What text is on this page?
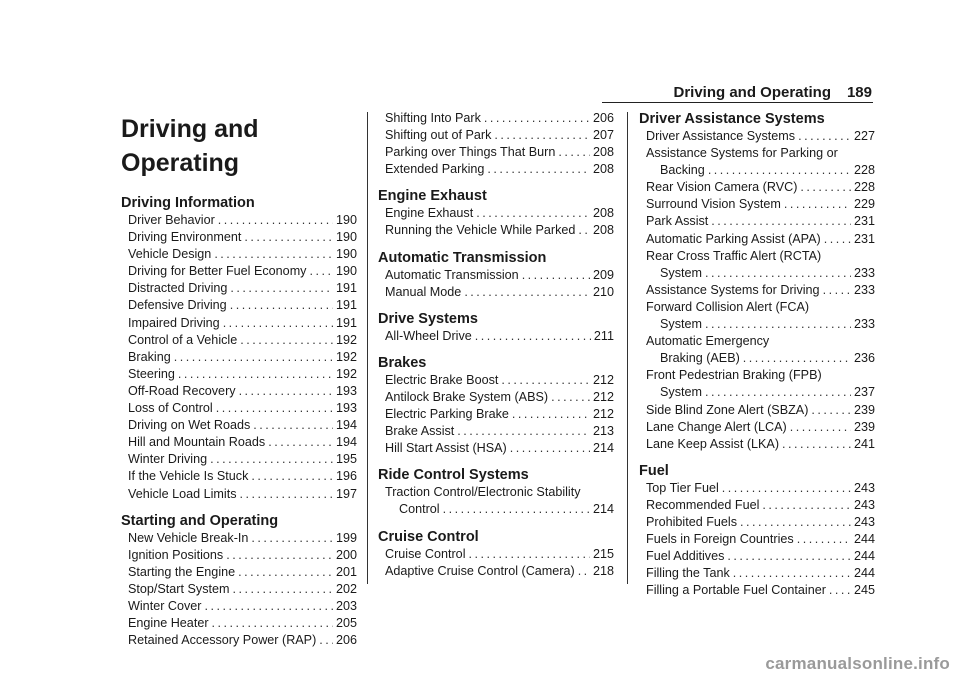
Driving and Operating 189
Driving and Operating
Driving Information
Driver Behavior . . .	190
Driving Environment . . .	190
Vehicle Design . . .	190
Driving for Better Fuel Economy . . . 190
Distracted Driving . . .	191
Defensive Driving . . .	191
Impaired Driving . . .	191
Control of a Vehicle . . .	192
Braking . . .	192
Steering . . .	192
Off-Road Recovery . . .	193
Loss of Control . . .	193
Driving on Wet Roads . . .	194
Hill and Mountain Roads . . .	194
Winter Driving . . .	195
If the Vehicle Is Stuck . . .	196
Vehicle Load Limits . . .	197
Starting and Operating
New Vehicle Break-In . . .	199
Ignition Positions . . .	200
Starting the Engine . . .	201
Stop/Start System . . .	202
Winter Cover . . .	203
Engine Heater . . .	205
Retained Accessory Power (RAP) . . . 206
Shifting Into Park . . .	206
Shifting out of Park . . .	207
Parking over Things That Burn . . .	208
Extended Parking . . .	208
Engine Exhaust
Engine Exhaust . . .	208
Running the Vehicle While Parked . . . 208
Automatic Transmission
Automatic Transmission . . .	209
Manual Mode . . .	210
Drive Systems
All-Wheel Drive . . .	211
Brakes
Electric Brake Boost . . .	212
Antilock Brake System (ABS) . . .	212
Electric Parking Brake . . .	212
Brake Assist . . .	213
Hill Start Assist (HSA) . . .	214
Ride Control Systems
Traction Control/Electronic Stability
Control . . .	214
Cruise Control
Cruise Control . . .	215
Adaptive Cruise Control (Camera) . . . 218
Driver Assistance Systems
Driver Assistance Systems . . .	227
Assistance Systems for Parking or
Backing . . .	228
Rear Vision Camera (RVC) . . .	228
Surround Vision System . . .	229
Park Assist . . .	231
Automatic Parking Assist (APA) . . .	231
Rear Cross Traffic Alert (RCTA)
System . . .	233
Assistance Systems for Driving . . .	233
Forward Collision Alert (FCA)
System . . .	233
Automatic Emergency
Braking (AEB) . . .	236
Front Pedestrian Braking (FPB)
System . . .	237
Side Blind Zone Alert (SBZA) . . .	239
Lane Change Alert (LCA) . . .	239
Lane Keep Assist (LKA) . . .	241
Fuel
Top Tier Fuel . . .	243
Recommended Fuel . . .	243
Prohibited Fuels . . .	243
Fuels in Foreign Countries . . .	244
Fuel Additives . . .	244
Filling the Tank . . .	244
Filling a Portable Fuel Container . . . 245
carmanualsonline.info
